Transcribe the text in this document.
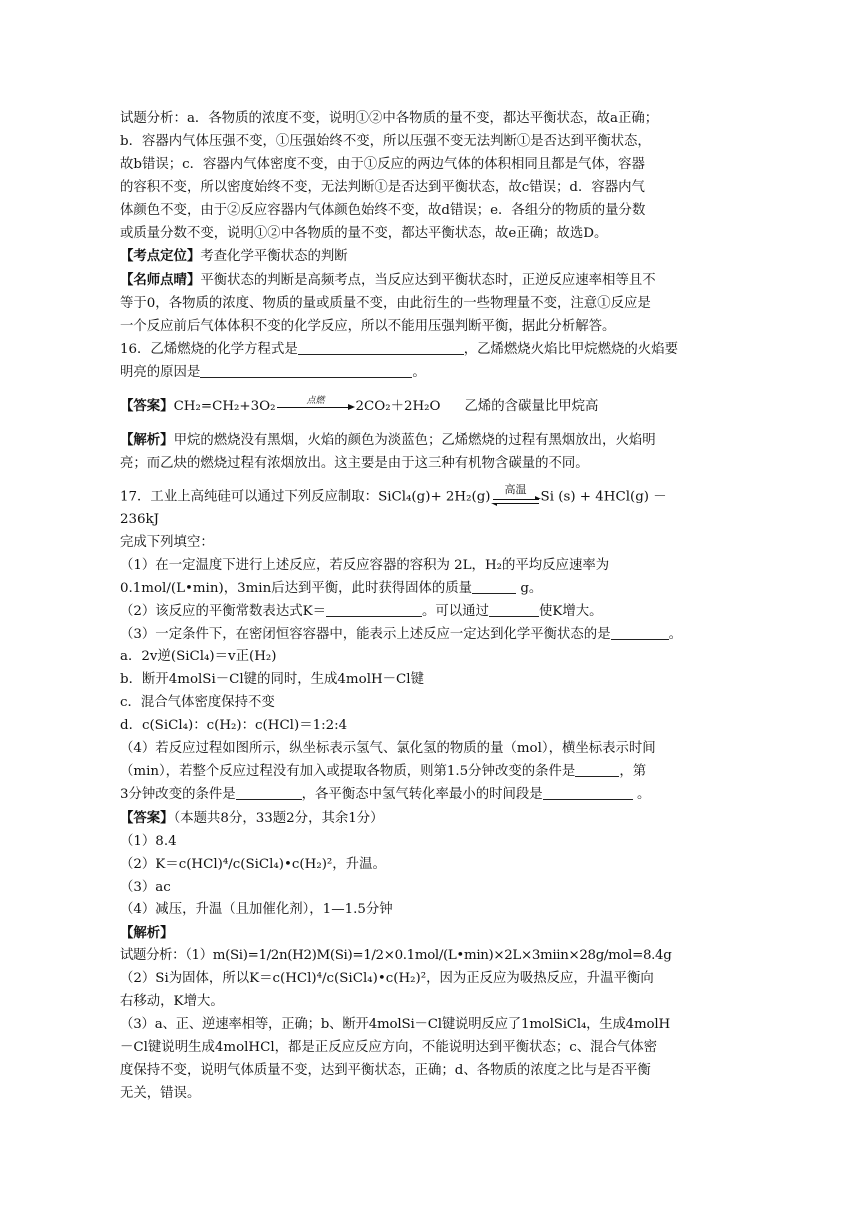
试题分析：a．各物质的浓度不变，说明①②中各物质的量不变，都达平衡状态，故a正确；

b．容器内气体压强不变，①压强始终不变，所以压强不变无法判断①是否达到平衡状态，

故b错误；c．容器内气体密度不变，由于①反应的两边气体的体积相同且都是气体，容器

的容积不变，所以密度始终不变，无法判断①是否达到平衡状态，故c错误；d．容器内气

体颜色不变，由于②反应容器内气体颜色始终不变，故d错误；e．各组分的物质的量分数

或质量分数不变，说明①②中各物质的量不变，都达平衡状态，故e正确；故选D。

【考点定位】考查化学平衡状态的判断

【名师点晴】平衡状态的判断是高频考点，当反应达到平衡状态时，正逆反应速率相等且不

等于0，各物质的浓度、物质的量或质量不变，由此衍生的一些物理量不变，注意①反应是

一个反应前后气体体积不变的化学反应，所以不能用压强判断平衡，据此分析解答。

16．乙烯燃烧的化学方程式是	，乙烯燃烧火焰比甲烷燃烧的火焰要

明亮的原因是	。

【答案】CH₂=CH₂+3O₂	点燃	2CO₂＋2H₂O 乙烯的含碳量比甲烷高

【解析】甲烷的燃烧没有黑烟，火焰的颜色为淡蓝色；乙烯燃烧的过程有黑烟放出，火焰明

亮；而乙炔的燃烧过程有浓烟放出。这主要是由于这三种有机物含碳量的不同。

17．工业上高纯硅可以通过下列反应制取：SiCl₄(g)+ 2H₂(g)	高温	Si (s) + 4HCl(g) －

236kJ

完成下列填空：

（1）在一定温度下进行上述反应，若反应容器的容积为 2L，H₂的平均反应速率为

0.1mol/(L•min)，3min后达到平衡，此时获得固体的质量	g。

（2）该反应的平衡常数表达式K＝	。可以通过	使K增大。

（3）一定条件下，在密闭恒容容器中，能表示上述反应一定达到化学平衡状态的是	。

a．2v逆(SiCl₄)＝v正(H₂)

b．断开4molSi－Cl键的同时，生成4molH－Cl键

c．混合气体密度保持不变

d．c(SiCl₄)：c(H₂)：c(HCl)＝1:2:4

（4）若反应过程如图所示，纵坐标表示氢气、氯化氢的物质的量（mol），横坐标表示时间

（min），若整个反应过程没有加入或提取各物质，则第1.5分钟改变的条件是	，第

3分钟改变的条件是	，各平衡态中氢气转化率最小的时间段是	。

【答案】（本题共8分，33题2分，其余1分）

（1）8.4

（2）K＝c(HCl)⁴/c(SiCl₄)•c(H₂)²，升温。

（3）ac

（4）减压，升温（且加催化剂），1—1.5分钟

【解析】

试题分析：（1）m(Si)=1/2n(H2)M(Si)=1/2×0.1mol/(L•min)×2L×3miin×28g/mol=8.4g

（2）Si为固体，所以K＝c(HCl)⁴/c(SiCl₄)•c(H₂)²，因为正反应为吸热反应，升温平衡向

右移动，K增大。

（3）a、正、逆速率相等，正确；b、断开4molSi－Cl键说明反应了1molSiCl₄，生成4molH

－Cl键说明生成4molHCl，都是正反应反应方向，不能说明达到平衡状态；c、混合气体密

度保持不变，说明气体质量不变，达到平衡状态，正确；d、各物质的浓度之比与是否平衡

无关，错误。
